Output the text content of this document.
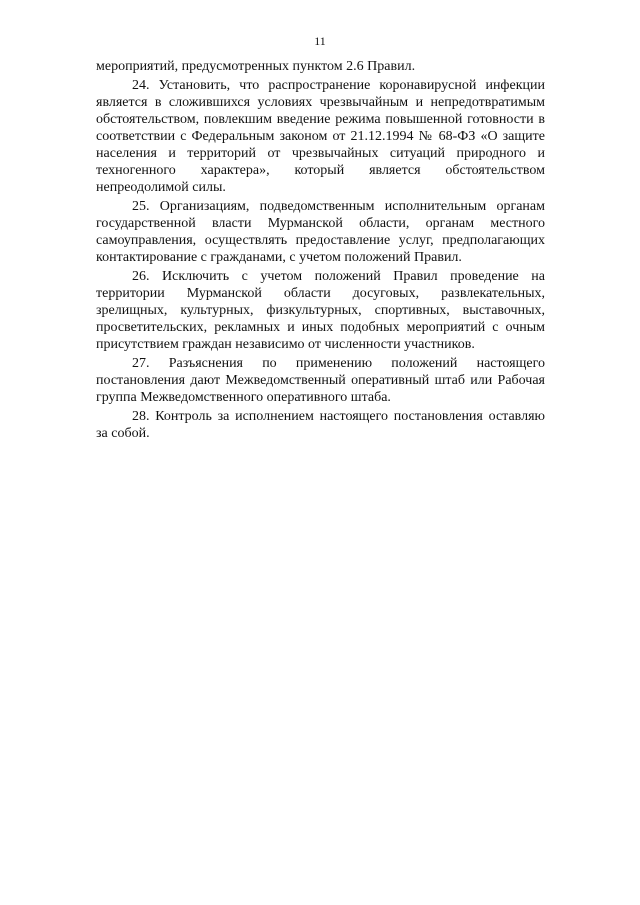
11

мероприятий, предусмотренных пунктом 2.6 Правил.

24. Установить, что распространение коронавирусной инфекции является в сложившихся условиях чрезвычайным и непредотвратимым обстоятельством, повлекшим введение режима повышенной готовности в соответствии с Федеральным законом от 21.12.1994 № 68-ФЗ «О защите населения и территорий от чрезвычайных ситуаций природного и техногенного характера», который является обстоятельством непреодолимой силы.

25. Организациям, подведомственным исполнительным органам государственной власти Мурманской области, органам местного самоуправления, осуществлять предоставление услуг, предполагающих контактирование с гражданами, с учетом положений Правил.

26. Исключить с учетом положений Правил проведение на территории Мурманской области досуговых, развлекательных, зрелищных, культурных, физкультурных, спортивных, выставочных, просветительских, рекламных и иных подобных мероприятий с очным присутствием граждан независимо от численности участников.

27. Разъяснения по применению положений настоящего постановления дают Межведомственный оперативный штаб или Рабочая группа Межведомственного оперативного штаба.

28. Контроль за исполнением настоящего постановления оставляю за собой.
